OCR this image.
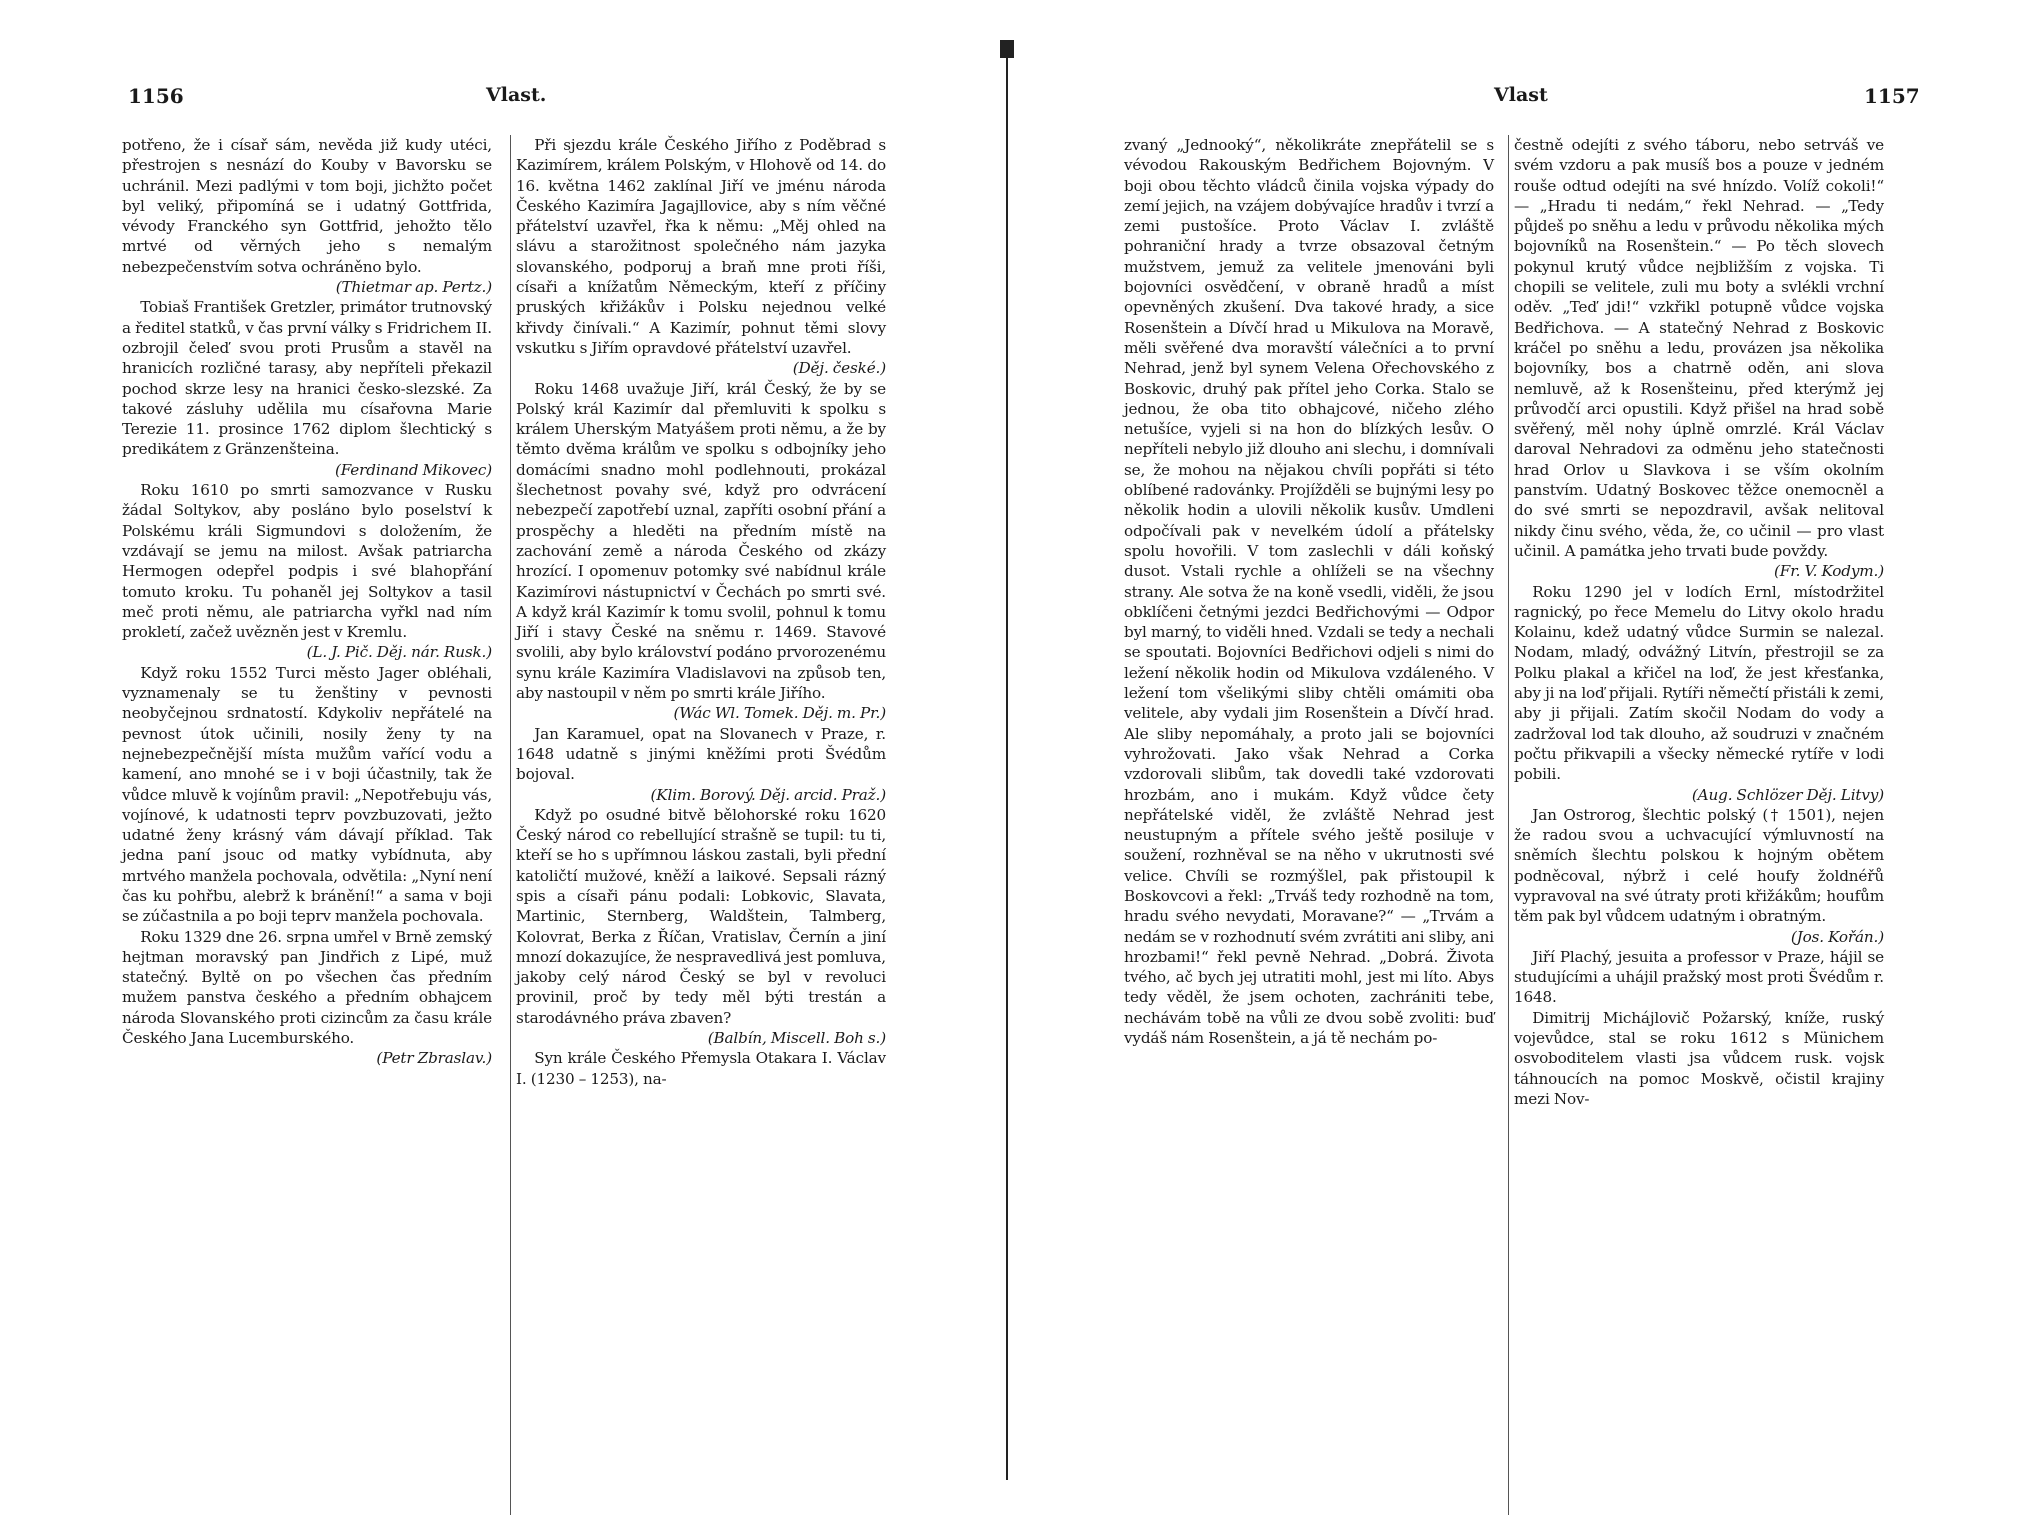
1156	Vlast.

potřeno, že i císař sám, nevěda již kudy utéci, přestrojen s nesnází do Kouby v Bavorsku se uchránil. Mezi padlými v tom boji, jichžto počet byl veliký, připomíná se i udatný Gottfrida, vévody Franckého syn Gottfrid, jehožto tělo mrtvé od věrných jeho s nemalým nebezpečenstvím sotva ochráněno bylo.

(Thietmar ap. Pertz.)

Tobiaš František Gretzler, primátor trutnovský a ředitel statků, v čas první války s Fridrichem II. ozbrojil čeleď svou proti Prusům a stavěl na hranicích rozličné tarasy, aby nepříteli překazil pochod skrze lesy na hranici česko-slezské. Za takové zásluhy udělila mu císařovna Marie Terezie 11. prosince 1762 diplom šlechtický s predikátem z Gränzenšteina.

(Ferdinand Mikovec)

Roku 1610 po smrti samozvance v Rusku žádal Soltykov, aby posláno bylo poselství k Polskému králi Sigmundovi s doložením, že vzdávají se jemu na milost. Avšak patriarcha Hermogen odepřel podpis i své blahopřání tomuto kroku. Tu pohaněl jej Soltykov a tasil meč proti němu, ale patriarcha vyřkl nad ním prokletí, začež uvězněn jest v Kremlu.

(L. J. Pič. Děj. nár. Rusk.)

Když roku 1552 Turci město Jager obléhali, vyznamenaly se tu ženštiny v pevnosti neobyčejnou srdnatostí. Kdykoliv nepřátelé na pevnost útok učinili, nosily ženy ty na nejnebezpečnější místa mužům vařící vodu a kamení, ano mnohé se i v boji účastnily, tak že vůdce mluvě k vojínům pravil: „Nepotřebuju vás, vojínové, k udatnosti teprv povzbuzovati, ježto udatné ženy krásný vám dávají příklad. Tak jedna paní jsouc od matky vybídnuta, aby mrtvého manžela pochovala, odvětila: „Nyní není čas ku pohřbu, alebrž k bránění!“ a sama v boji se zúčastnila a po boji teprv manžela pochovala.

Roku 1329 dne 26. srpna umřel v Brně zemský hejtman moravský pan Jindřich z Lipé, muž statečný. Byltě on po všechen čas předním mužem panstva českého a předním obhajcem národa Slovanského proti cizincům za času krále Českého Jana Lucemburského.

(Petr Zbraslav.)

Při sjezdu krále Českého Jiřího z Poděbrad s Kazimírem, králem Polským, v Hlohově od 14. do 16. května 1462 zaklínal Jiří ve jménu národa Českého Kazimíra Jagajllovice, aby s ním věčné přátelství uzavřel, řka k němu: „Měj ohled na slávu a starožitnost společného nám jazyka slovanského, podporuj a braň mne proti říši, císaři a knížatům Německým, kteří z příčiny pruských křižákův i Polsku nejednou velké křivdy činívali.“ A Kazimír, pohnut těmi slovy vskutku s Jiřím opravdové přátelství uzavřel.

(Děj. české.)

Roku 1468 uvažuje Jiří, král Český, že by se Polský král Kazimír dal přemluviti k spolku s králem Uherským Matyášem proti němu, a že by těmto dvěma králům ve spolku s odbojníky jeho domácími snadno mohl podlehnouti, prokázal šlechetnost povahy své, když pro odvrácení nebezpečí zapotřebí uznal, zapříti osobní přání a prospěchy a hleděti na předním místě na zachování země a národa Českého od zkázy hrozící. I opomenuv potomky své nabídnul krále Kazimírovi nástupnictví v Čechách po smrti své. A když král Kazimír k tomu svolil, pohnul k tomu Jiří i stavy České na sněmu r. 1469. Stavové svolili, aby bylo království podáno prvorozenému synu krále Kazimíra Vladislavovi na způsob ten, aby nastoupil v něm po smrti krále Jiřího.

(Wác Wl. Tomek. Děj. m. Pr.)

Jan Karamuel, opat na Slovanech v Praze, r. 1648 udatně s jinými kněžími proti Švédům bojoval.

(Klim. Borový. Děj. arcid. Praž.)

Když po osudné bitvě bělohorské roku 1620 Český národ co rebellující strašně se tupil: tu ti, kteří se ho s upřímnou láskou zastali, byli přední katoličtí mužové, kněží a laikové. Sepsali rázný spis a císaři pánu podali: Lobkovic, Slavata, Martinic, Sternberg, Waldštein, Talmberg, Kolovrat, Berka z Říčan, Vratislav, Černín a jiní mnozí dokazujíce, že nespravedlivá jest pomluva, jakoby celý národ Český se byl v revoluci provinil, proč by tedy měl býti trestán a starodávného práva zbaven?

(Balbín, Miscell. Boh s.)

Syn krále Českého Přemysla Otakara I. Václav I. (1230 – 1253), na-

Vlast	1157

zvaný „Jednooký“, několikráte znepřátelil se s vévodou Rakouským Bedřichem Bojovným. V boji obou těchto vládců činila vojska výpady do zemí jejich, na vzájem dobývajíce hradův i tvrzí a zemi pustošíce. Proto Václav I. zvláště pohraniční hrady a tvrze obsazoval četným mužstvem, jemuž za velitele jmenováni byli bojovníci osvědčení, v obraně hradů a míst opevněných zkušení. Dva takové hrady, a sice Rosenštein a Dívčí hrad u Mikulova na Moravě, měli svěřené dva moravští válečníci a to první Nehrad, jenž byl synem Velena Ořechovského z Boskovic, druhý pak přítel jeho Corka. Stalo se jednou, že oba tito obhajcové, ničeho zlého netušíce, vyjeli si na hon do blízkých lesův. O nepříteli nebylo již dlouho ani slechu, i domnívali se, že mohou na nějakou chvíli popřáti si této oblíbené radovánky. Projížděli se bujnými lesy po několik hodin a ulovili několik kusův. Umdleni odpočívali pak v nevelkém údolí a přátelsky spolu hovořili. V tom zaslechli v dáli koňský dusot. Vstali rychle a ohlíželi se na všechny strany. Ale sotva že na koně vsedli, viděli, že jsou obklíčeni četnými jezdci Bedřichovými — Odpor byl marný, to viděli hned. Vzdali se tedy a nechali se spoutati. Bojovníci Bedřichovi odjeli s nimi do ležení několik hodin od Mikulova vzdáleného. V ležení tom všelikými sliby chtěli omámiti oba velitele, aby vydali jim Rosenštein a Dívčí hrad. Ale sliby nepomáhaly, a proto jali se bojovníci vyhrožovati. Jako však Nehrad a Corka vzdorovali slibům, tak dovedli také vzdorovati hrozbám, ano i mukám. Když vůdce čety nepřátelské viděl, že zvláště Nehrad jest neustupným a přítele svého ještě posiluje v soužení, rozhněval se na něho v ukrutnosti své velice. Chvíli se rozmýšlel, pak přistoupil k Boskovcovi a řekl: „Trváš tedy rozhodně na tom, hradu svého nevydati, Moravane?“ — „Trvám a nedám se v rozhodnutí svém zvrátiti ani sliby, ani hrozbami!“ řekl pevně Nehrad. „Dobrá. Života tvého, ač bych jej utratiti mohl, jest mi líto. Abys tedy věděl, že jsem ochoten, zachrániti tebe, nechávám tobě na vůli ze dvou sobě zvoliti: buď vydáš nám Rosenštein, a já tě nechám po-

čestně odejíti z svého táboru, nebo setrváš ve svém vzdoru a pak musíš bos a pouze v jedném rouše odtud odejíti na své hnízdo. Volíž cokoli!“ — „Hradu ti nedám,“ řekl Nehrad. — „Tedy půjdeš po sněhu a ledu v průvodu několika mých bojovníků na Rosenštein.“ — Po těch slovech pokynul krutý vůdce nejbližším z vojska. Ti chopili se velitele, zuli mu boty a svlékli vrchní oděv. „Teď jdi!“ vzkřikl potupně vůdce vojska Bedřichova. — A statečný Nehrad z Boskovic kráčel po sněhu a ledu, provázen jsa několika bojovníky, bos a chatrně oděn, ani slova nemluvě, až k Rosenšteinu, před kterýmž jej průvodčí arci opustili. Když přišel na hrad sobě svěřený, měl nohy úplně omrzlé. Král Václav daroval Nehradovi za odměnu jeho statečnosti hrad Orlov u Slavkova i se vším okolním panstvím. Udatný Boskovec těžce onemocněl a do své smrti se nepozdravil, avšak nelitoval nikdy činu svého, věda, že, co učinil — pro vlast učinil. A památka jeho trvati bude povždy.

(Fr. V. Kodym.)

Roku 1290 jel v lodích Ernl, místodržitel ragnický, po řece Memelu do Litvy okolo hradu Kolainu, kdež udatný vůdce Surmin se nalezal. Nodam, mladý, odvážný Litvín, přestrojil se za Polku plakal a křičel na loď, že jest křesťanka, aby ji na loď přijali. Rytíři němečtí přistáli k zemi, aby ji přijali. Zatím skočil Nodam do vody a zadržoval lod tak dlouho, až soudruzi v značném počtu přikvapili a všecky německé rytíře v lodi pobili.

(Aug. Schlözer Děj. Litvy)

Jan Ostrorog, šlechtic polský († 1501), nejen že radou svou a uchvacující výmluvností na sněmích šlechtu polskou k hojným obětem podněcoval, nýbrž i celé houfy žoldnéřů vypravoval na své útraty proti křižákům; houfům těm pak byl vůdcem udatným i obratným.

(Jos. Kořán.)

Jiří Plachý, jesuita a professor v Praze, hájil se studujícími a uhájil pražský most proti Švédům r. 1648.

Dimitrij Michájlovič Požarský, kníže, ruský vojevůdce, stal se roku 1612 s Münichem osvoboditelem vlasti jsa vůdcem rusk. vojsk táhnoucích na pomoc Moskvě, očistil krajiny mezi Nov-
